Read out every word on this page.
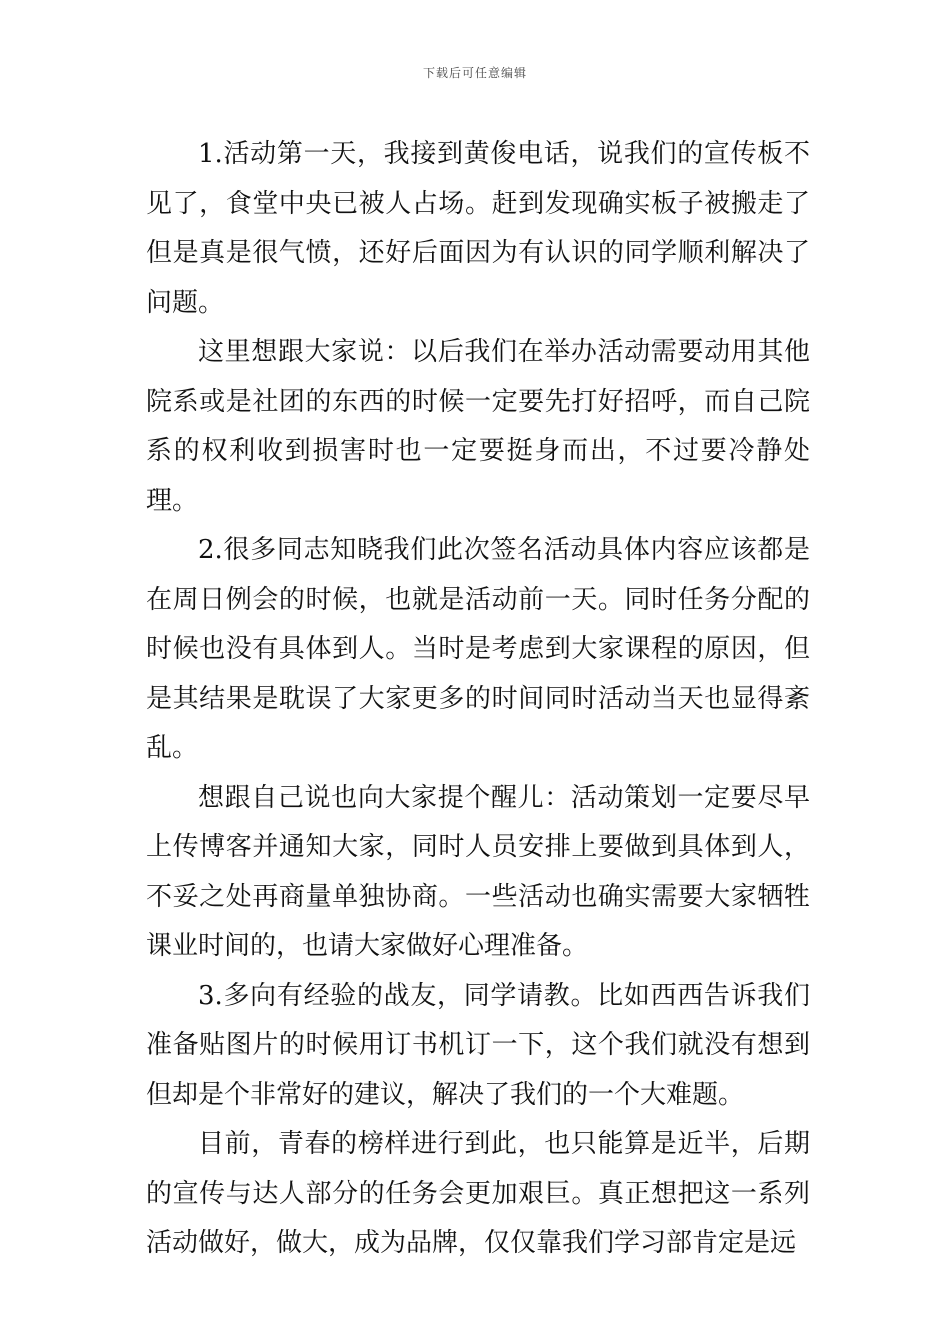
下载后可任意编辑

1.活动第一天，我接到黄俊电话，说我们的宣传板不见了，食堂中央已被人占场。赶到发现确实板子被搬走了但是真是很气愤，还好后面因为有认识的同学顺利解决了问题。

这里想跟大家说：以后我们在举办活动需要动用其他院系或是社团的东西的时候一定要先打好招呼，而自己院系的权利收到损害时也一定要挺身而出，不过要冷静处理。

2.很多同志知晓我们此次签名活动具体内容应该都是在周日例会的时候，也就是活动前一天。同时任务分配的时候也没有具体到人。当时是考虑到大家课程的原因，但是其结果是耽误了大家更多的时间同时活动当天也显得紊乱。

想跟自己说也向大家提个醒儿：活动策划一定要尽早上传博客并通知大家，同时人员安排上要做到具体到人，不妥之处再商量单独协商。一些活动也确实需要大家牺牲课业时间的，也请大家做好心理准备。

3.多向有经验的战友，同学请教。比如西西告诉我们准备贴图片的时候用订书机订一下，这个我们就没有想到但却是个非常好的建议，解决了我们的一个大难题。

目前，青春的榜样进行到此，也只能算是近半，后期的宣传与达人部分的任务会更加艰巨。真正想把这一系列活动做好，做大，成为品牌，仅仅靠我们学习部肯定是远
